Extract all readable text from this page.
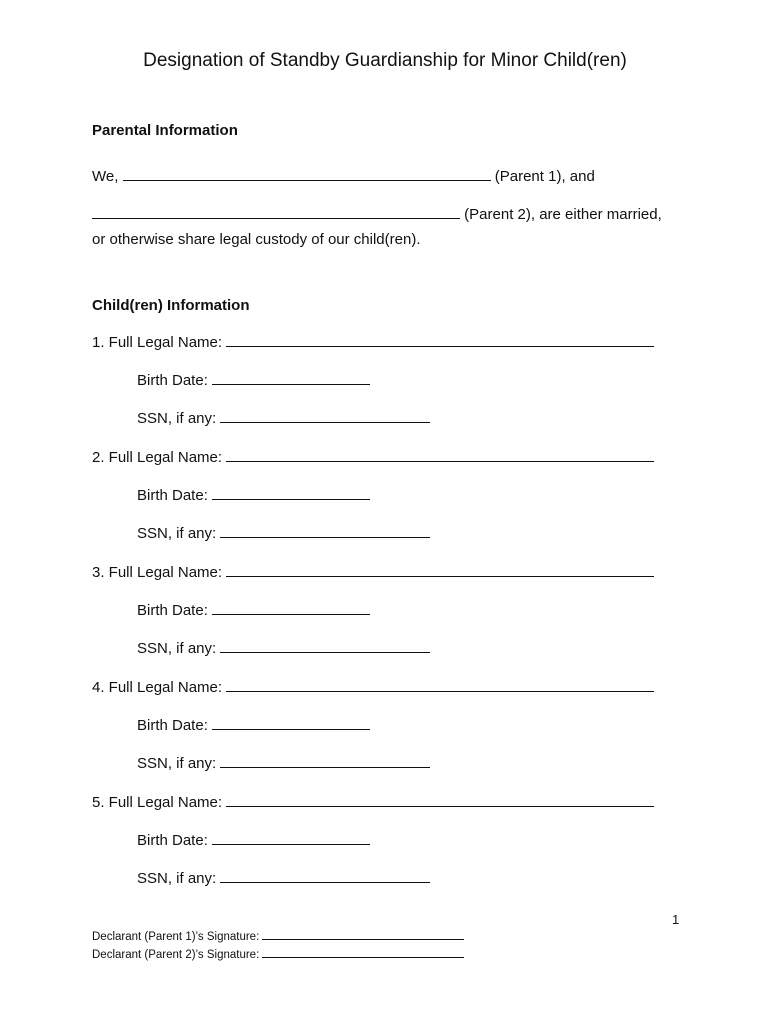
Designation of Standby Guardianship for Minor Child(ren)
Parental Information
We,	(Parent 1), and
(Parent 2), are either married,
or otherwise share legal custody of our child(ren).
Child(ren) Information
1. Full Legal Name:
Birth Date:
SSN, if any:
2. Full Legal Name:
Birth Date:
SSN, if any:
3. Full Legal Name:
Birth Date:
SSN, if any:
4. Full Legal Name:
Birth Date:
SSN, if any:
5. Full Legal Name:
Birth Date:
SSN, if any:
1
Declarant (Parent 1)’s Signature:
Declarant (Parent 2)’s Signature:
